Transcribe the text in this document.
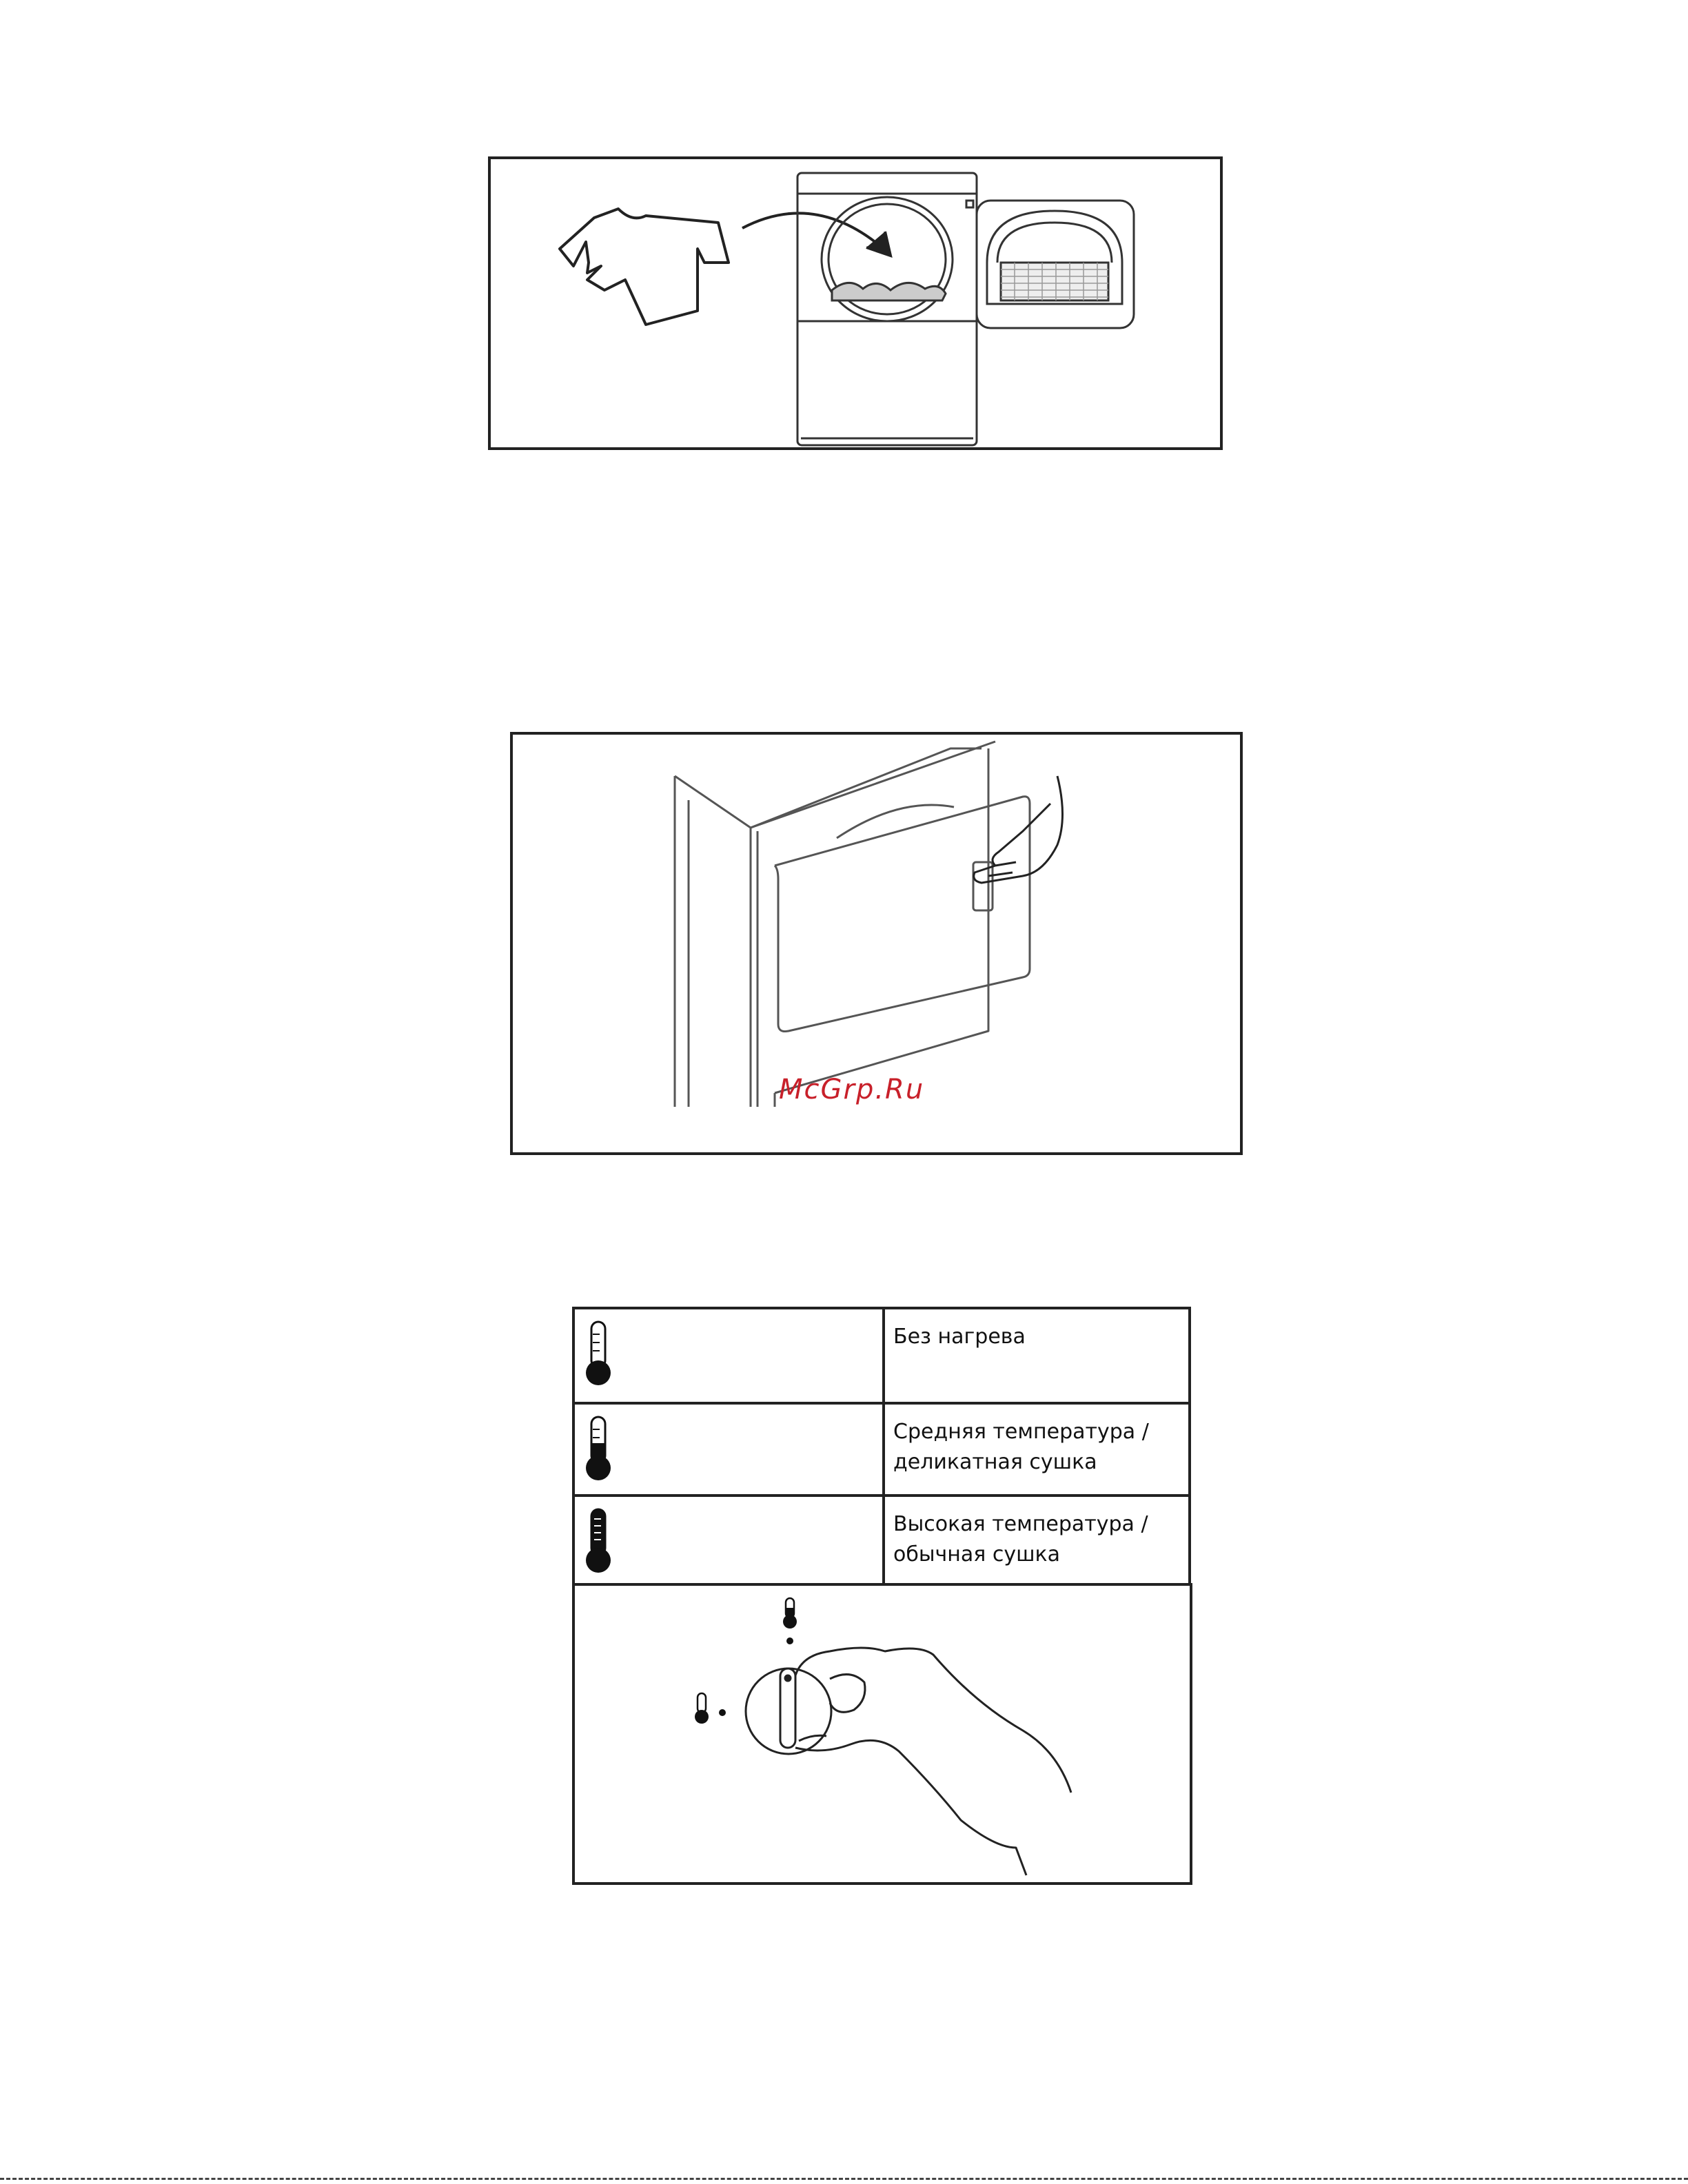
McGrp.Ru

Без нагрева

Средняя температура /
деликатная сушка

Высокая температура /
обычная сушка
